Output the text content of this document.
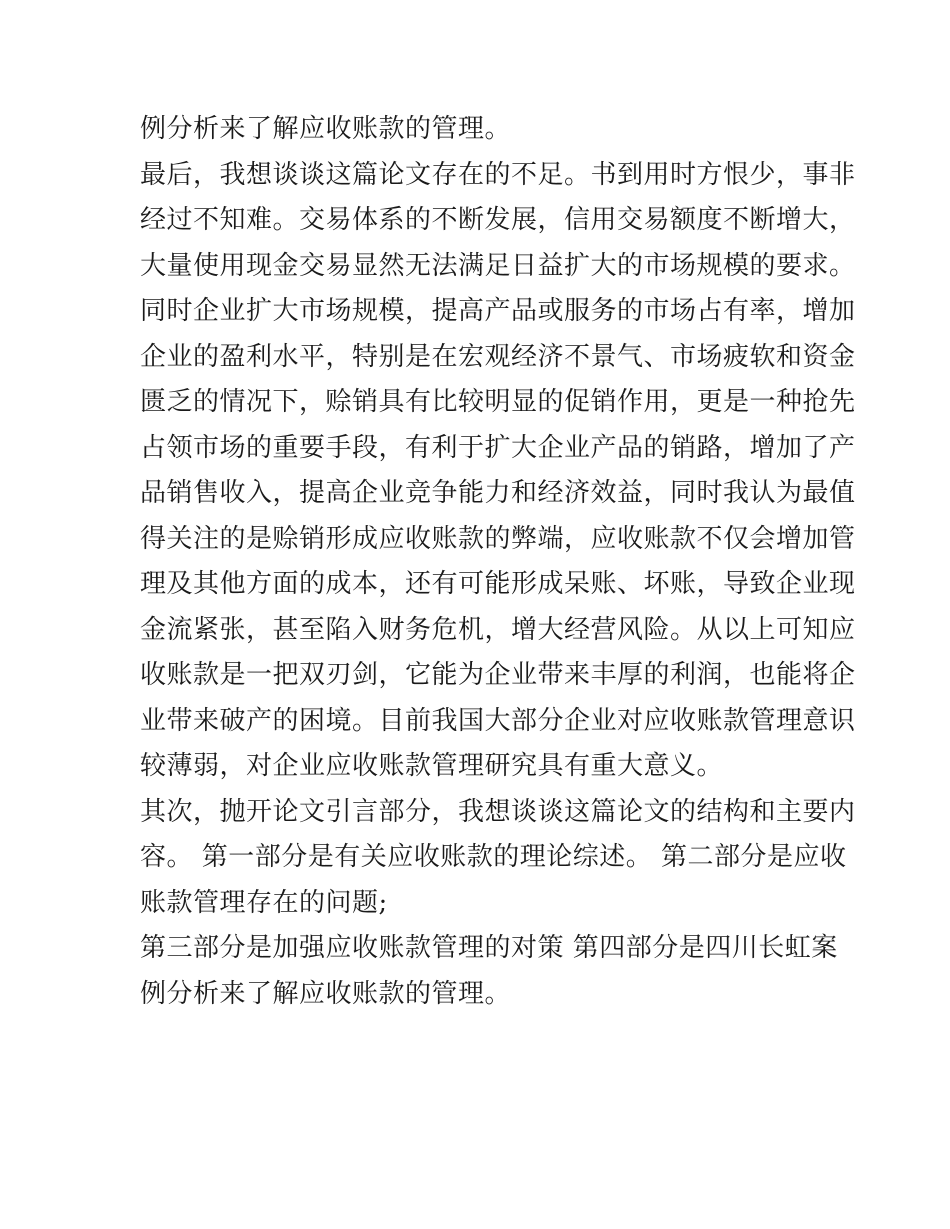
例分析来了解应收账款的管理。
最后，我想谈谈这篇论文存在的不足。书到用时方恨少，事非
经过不知难。交易体系的不断发展，信用交易额度不断增大，
大量使用现金交易显然无法满足日益扩大的市场规模的要求。
同时企业扩大市场规模，提高产品或服务的市场占有率，增加
企业的盈利水平，特别是在宏观经济不景气、市场疲软和资金
匮乏的情况下，赊销具有比较明显的促销作用，更是一种抢先
占领市场的重要手段，有利于扩大企业产品的销路，增加了产
品销售收入，提高企业竞争能力和经济效益，同时我认为最值
得关注的是赊销形成应收账款的弊端，应收账款不仅会增加管
理及其他方面的成本，还有可能形成呆账、坏账，导致企业现
金流紧张，甚至陷入财务危机，增大经营风险。从以上可知应
收账款是一把双刃剑，它能为企业带来丰厚的利润，也能将企
业带来破产的困境。目前我国大部分企业对应收账款管理意识
较薄弱，对企业应收账款管理研究具有重大意义。
其次，抛开论文引言部分，我想谈谈这篇论文的结构和主要内
容。 第一部分是有关应收账款的理论综述。 第二部分是应收
账款管理存在的问题;
第三部分是加强应收账款管理的对策 第四部分是四川长虹案
例分析来了解应收账款的管理。
